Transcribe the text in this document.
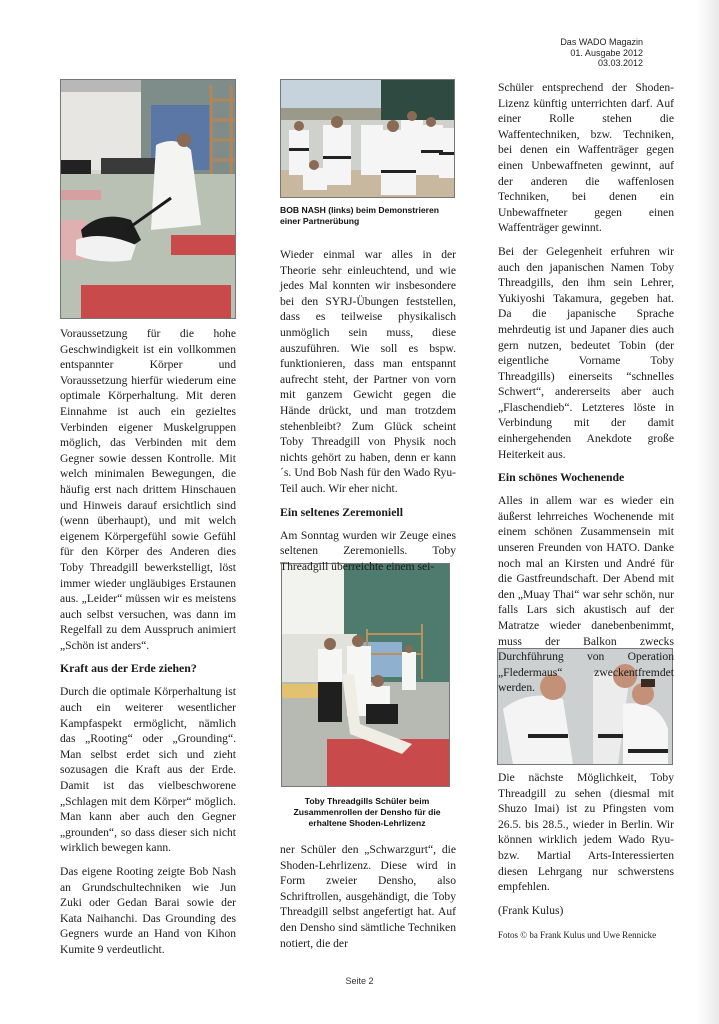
Das WADO Magazin
01. Ausgabe 2012
03.03.2012
BOB NASH (links) beim Demonstrieren einer Partnerübung
Toby Threadgills Schüler beim Zusammenrollen der Densho für die erhaltene Shoden-Lehrlizenz

Voraussetzung für die hohe Geschwindigkeit ist ein vollkommen entspannter Körper und Voraussetzung hierfür wiederum eine optimale Körperhaltung. Mit deren Einnahme ist auch ein gezieltes Verbinden eigener Muskelgruppen möglich, das Verbinden mit dem Gegner sowie dessen Kontrolle. Mit welch minimalen Bewegungen, die häufig erst nach drittem Hinschauen und Hinweis darauf ersichtlich sind (wenn überhaupt), und mit welch eigenem Körpergefühl sowie Gefühl für den Körper des Anderen dies Toby Threadgill bewerkstelligt, löst immer wieder ungläubiges Erstaunen aus. „Leider“ müssen wir es meistens auch selbst versuchen, was dann im Regelfall zu dem Ausspruch animiert „Schön ist anders“.

Kraft aus der Erde ziehen?

Durch die optimale Körperhaltung ist auch ein weiterer wesentlicher Kampfaspekt ermöglicht, nämlich das „Rooting“ oder „Grounding“. Man selbst erdet sich und zieht sozusagen die Kraft aus der Erde. Damit ist das vielbeschworene „Schlagen mit dem Körper“ möglich. Man kann aber auch den Gegner „grounden“, so dass dieser sich nicht wirklich bewegen kann.

Das eigene Rooting zeigte Bob Nash an Grundschultechniken wie Jun Zuki oder Gedan Barai sowie der Kata Naihanchi. Das Grounding des Gegners wurde an Hand von Kihon Kumite 9 verdeutlicht.

Wieder einmal war alles in der Theorie sehr einleuchtend, und wie jedes Mal konnten wir insbesondere bei den SYRJ-Übungen feststellen, dass es teilweise physikalisch unmöglich sein muss, diese auszuführen. Wie soll es bspw. funktionieren, dass man entspannt aufrecht steht, der Partner von vorn mit ganzem Gewicht gegen die Hände drückt, und man trotzdem stehenbleibt? Zum Glück scheint Toby Threadgill von Physik noch nichts gehört zu haben, denn er kann´s. Und Bob Nash für den Wado Ryu-Teil auch. Wir eher nicht.

Ein seltenes Zeremoniell

Am Sonntag wurden wir Zeuge eines seltenen Zeremoniells. Toby Threadgill überreichte einem sei-

ner Schüler den „Schwarzgurt“, die Shoden-Lehrlizenz. Diese wird in Form zweier Densho, also Schriftrollen, ausgehändigt, die Toby Threadgill selbst angefertigt hat. Auf den Densho sind sämtliche Techniken notiert, die der

Schüler entsprechend der Shoden-Lizenz künftig unterrichten darf. Auf einer Rolle stehen die Waffentechniken, bzw. Techniken, bei denen ein Waffenträger gegen einen Unbewaffneten gewinnt, auf der anderen die waffenlosen Techniken, bei denen ein Unbewaffneter gegen einen Waffenträger gewinnt.

Bei der Gelegenheit erfuhren wir auch den japanischen Namen Toby Threadgills, den ihm sein Lehrer, Yukiyoshi Takamura, gegeben hat. Da die japanische Sprache mehrdeutig ist und Japaner dies auch gern nutzen, bedeutet Tobin (der eigentliche Vorname Toby Threadgills) einerseits “schnelles Schwert“, andererseits aber auch „Flaschendieb“. Letzteres löste in Verbindung mit der damit einhergehenden Anekdote große Heiterkeit aus.

Ein schönes Wochenende

Alles in allem war es wieder ein äußerst lehrreiches Wochenende mit einem schönen Zusammensein mit unseren Freunden von HATO. Danke noch mal an Kirsten und André für die Gastfreundschaft. Der Abend mit den „Muay Thai“ war sehr schön, nur falls Lars sich akustisch auf der Matratze wieder danebenbenimmt, muss der Balkon zwecks Durchführung von Operation „Fledermaus“ zweckentfremdet werden.

Die nächste Möglichkeit, Toby Threadgill zu sehen (diesmal mit Shuzo Imai) ist zu Pfingsten vom 26.5. bis 28.5., wieder in Berlin. Wir können wirklich jedem Wado Ryu- bzw. Martial Arts-Interessierten diesen Lehrgang nur schwerstens empfehlen.

(Frank Kulus)

Fotos © ba Frank Kulus und Uwe Rennicke

Seite 2
